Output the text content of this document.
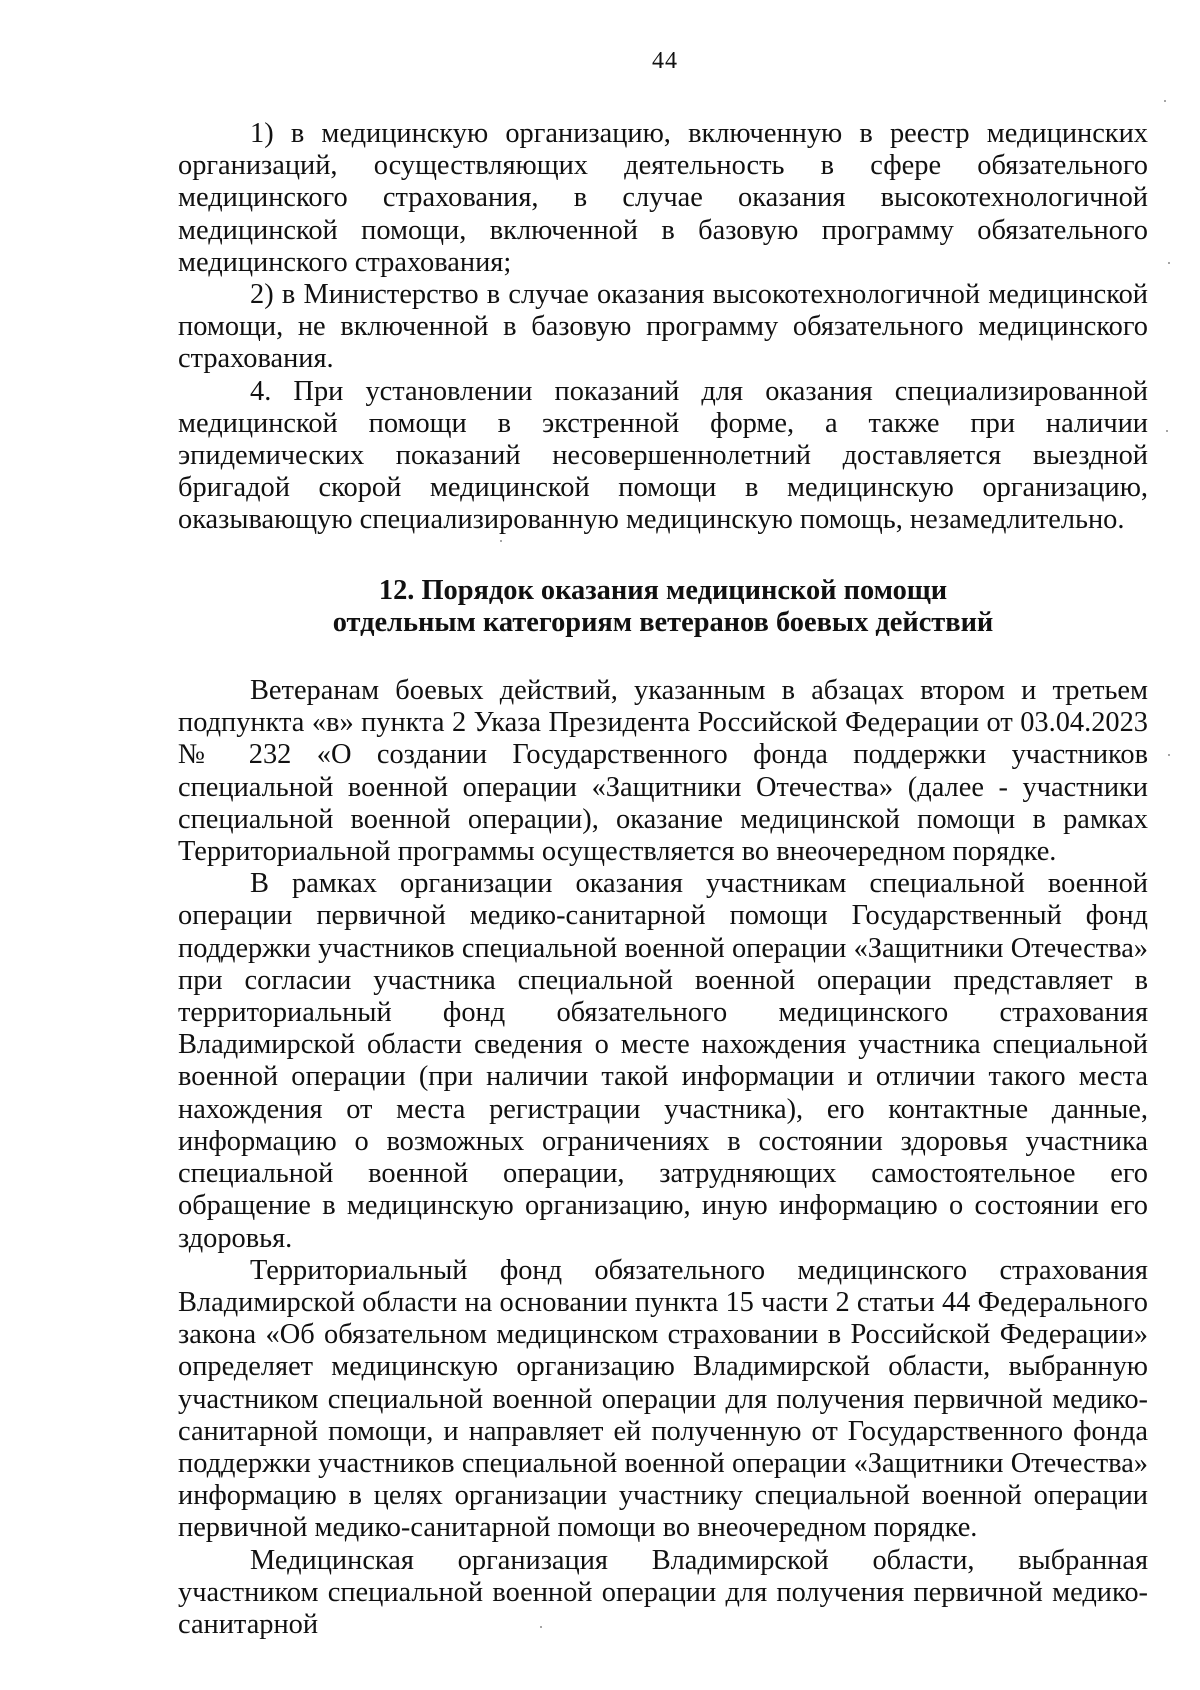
44

1) в медицинскую организацию, включенную в реестр медицинских организаций, осуществляющих деятельность в сфере обязательного медицинского страхования, в случае оказания высокотехнологичной медицинской помощи, включенной в базовую программу обязательного медицинского страхования;

2) в Министерство в случае оказания высокотехнологичной медицинской помощи, не включенной в базовую программу обязательного медицинского страхования.

4. При установлении показаний для оказания специализированной медицинской помощи в экстренной форме, а также при наличии эпидемических показаний несовершеннолетний доставляется выездной бригадой скорой медицинской помощи в медицинскую организацию, оказывающую специализированную медицинскую помощь, незамедлительно.

12. Порядок оказания медицинской помощи
отдельным категориям ветеранов боевых действий

Ветеранам боевых действий, указанным в абзацах втором и третьем подпункта «в» пункта 2 Указа Президента Российской Федерации от 03.04.2023 № 232 «О создании Государственного фонда поддержки участников специальной военной операции «Защитники Отечества» (далее - участники специальной военной операции), оказание медицинской помощи в рамках Территориальной программы осуществляется во внеочередном порядке.

В рамках организации оказания участникам специальной военной операции первичной медико-санитарной помощи Государственный фонд поддержки участников специальной военной операции «Защитники Отечества» при согласии участника специальной военной операции представляет в территориальный фонд обязательного медицинского страхования Владимирской области сведения о месте нахождения участника специальной военной операции (при наличии такой информации и отличии такого места нахождения от места регистрации участника), его контактные данные, информацию о возможных ограничениях в состоянии здоровья участника специальной военной операции, затрудняющих самостоятельное его обращение в медицинскую организацию, иную информацию о состоянии его здоровья.

Территориальный фонд обязательного медицинского страхования Владимирской области на основании пункта 15 части 2 статьи 44 Федерального закона «Об обязательном медицинском страховании в Российской Федерации» определяет медицинскую организацию Владимирской области, выбранную участником специальной военной операции для получения первичной медико-санитарной помощи, и направляет ей полученную от Государственного фонда поддержки участников специальной военной операции «Защитники Отечества» информацию в целях организации участнику специальной военной операции первичной медико-санитарной помощи во внеочередном порядке.

Медицинская организация Владимирской области, выбранная участником специальной военной операции для получения первичной медико-санитарной
